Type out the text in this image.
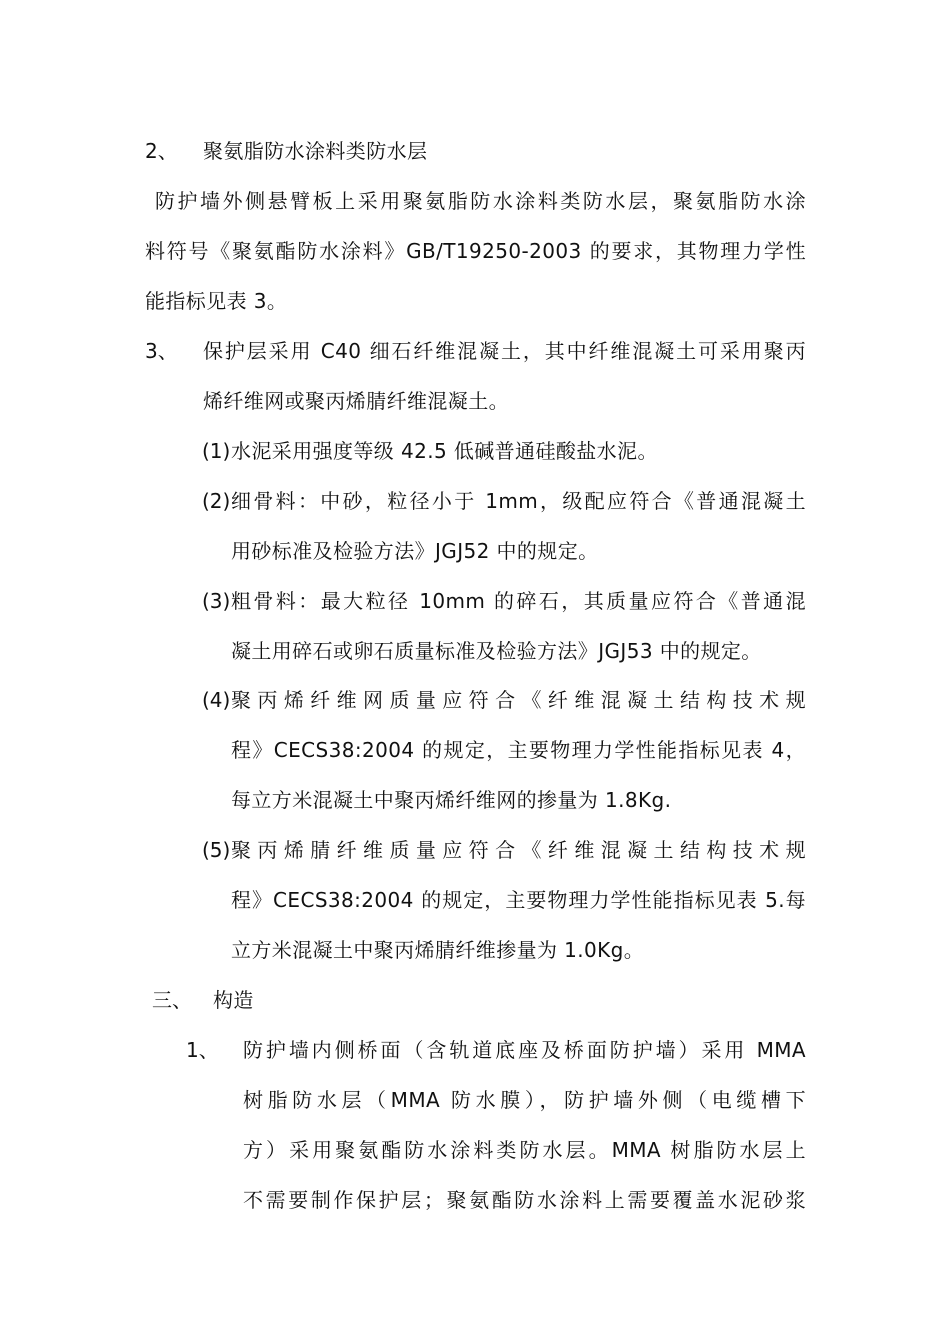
2、 聚氨脂防水涂料类防水层
防护墙外侧悬臂板上采用聚氨脂防水涂料类防水层，聚氨脂防水涂
料符号《聚氨酯防水涂料》GB/T19250-2003 的要求，其物理力学性
能指标见表 3。
3、 保护层采用 C40 细石纤维混凝土，其中纤维混凝土可采用聚丙
烯纤维网或聚丙烯腈纤维混凝土。
(1) 水泥采用强度等级 42.5 低碱普通硅酸盐水泥。
(2) 细骨料：中砂，粒径小于 1mm，级配应符合《普通混凝土
用砂标准及检验方法》JGJ52 中的规定。
(3) 粗骨料：最大粒径 10mm 的碎石，其质量应符合《普通混
凝土用碎石或卵石质量标准及检验方法》JGJ53 中的规定。
(4) 聚丙烯纤维网质量应符合《纤维混凝土结构技术规
程》CECS38:2004 的规定，主要物理力学性能指标见表 4，
每立方米混凝土中聚丙烯纤维网的掺量为 1.8Kg.
(5) 聚丙烯腈纤维质量应符合《纤维混凝土结构技术规
程》CECS38:2004 的规定，主要物理力学性能指标见表 5.每
立方米混凝土中聚丙烯腈纤维掺量为 1.0Kg。
三、 构造
1、 防护墙内侧桥面（含轨道底座及桥面防护墙）采用 MMA
树脂防水层（MMA 防水膜），防护墙外侧（电缆槽下
方）采用聚氨酯防水涂料类防水层。MMA 树脂防水层上
不需要制作保护层；聚氨酯防水涂料上需要覆盖水泥砂浆
